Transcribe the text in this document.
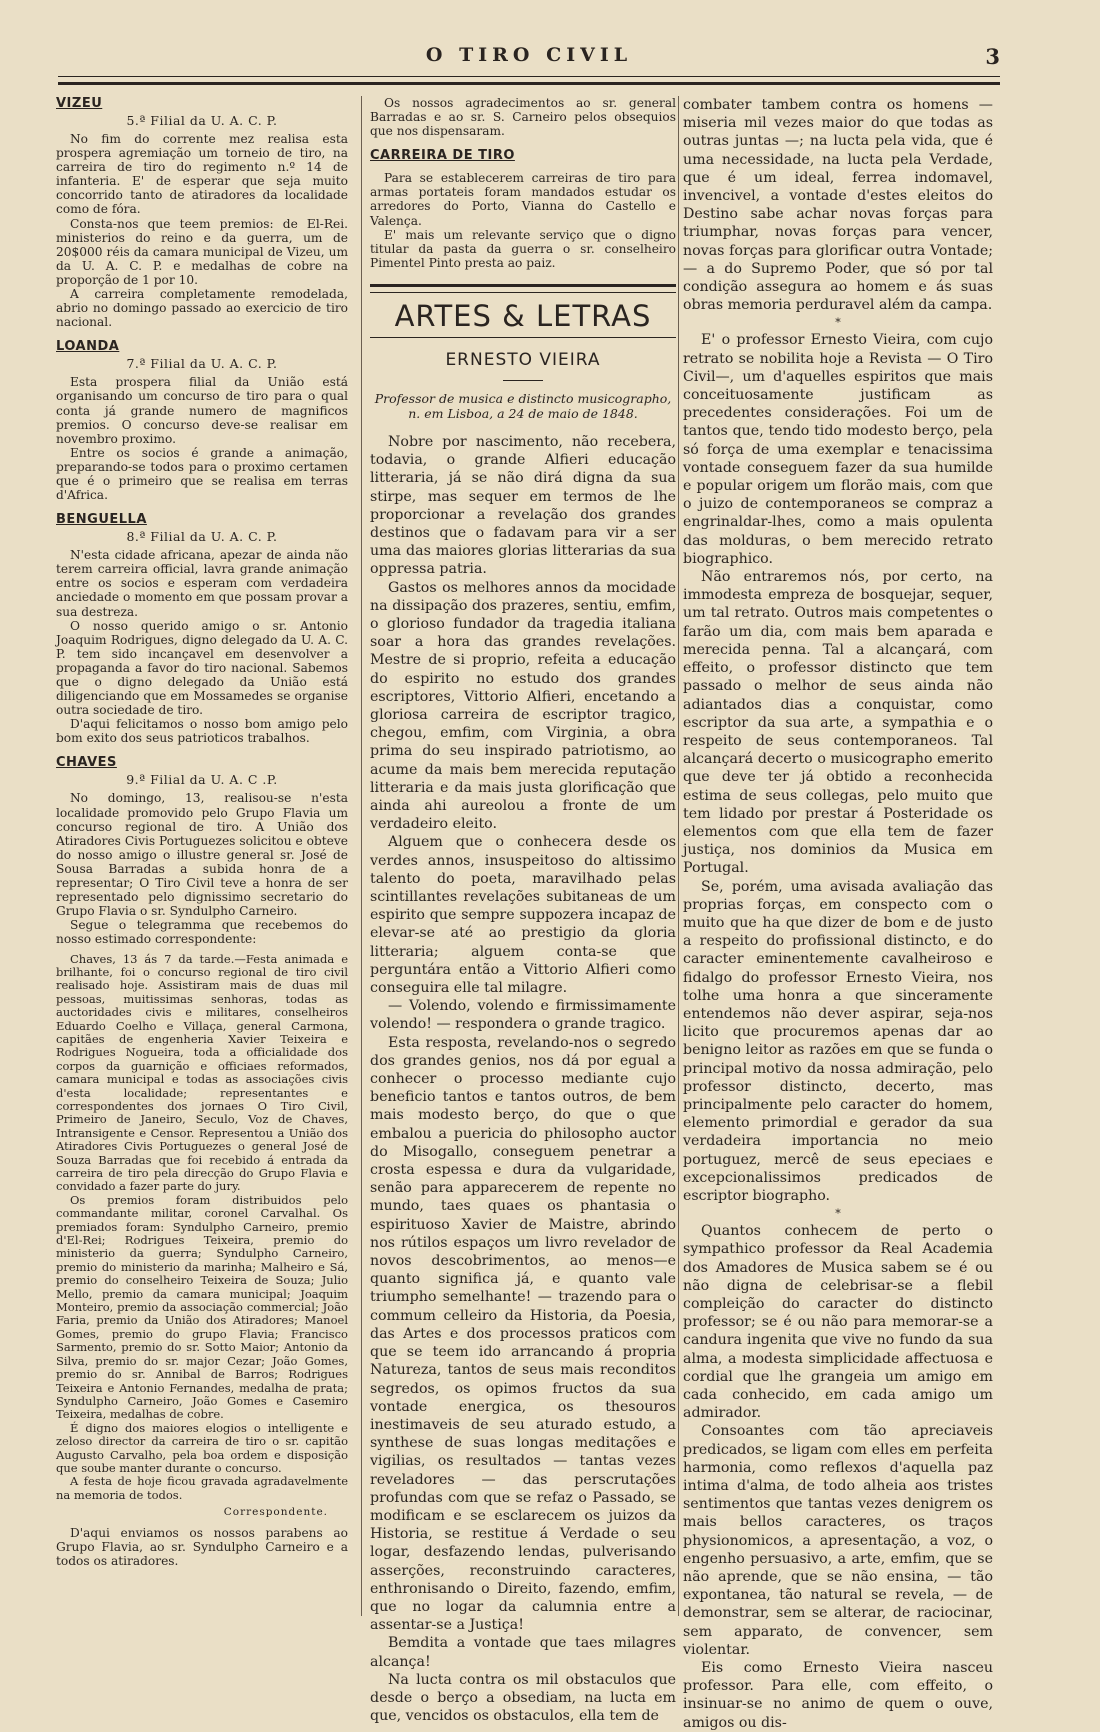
O TIRO CIVIL	3
VIZEU
5.ª Filial da U. A. C. P.

No fim do corrente mez realisa esta prospera agremiação um torneio de tiro, na carreira de tiro do regimento n.º 14 de infanteria. E' de esperar que seja muito concorrido tanto de atiradores da localidade como de fóra.

Consta-nos que teem premios: de El-Rei. ministerios do reino e da guerra, um de 20$000 réis da camara municipal de Vizeu, um da U. A. C. P. e medalhas de cobre na proporção de 1 por 10.

A carreira completamente remodelada, abrio no domingo passado ao exercicio de tiro nacional.

LOANDA
7.ª Filial da U. A. C. P.

Esta prospera filial da União está organisando um concurso de tiro para o qual conta já grande numero de magnificos premios. O concurso deve-se realisar em novembro proximo.

Entre os socios é grande a animação, preparando-se todos para o proximo certamen que é o primeiro que se realisa em terras d'Africa.

BENGUELLA
8.ª Filial da U. A. C. P.

N'esta cidade africana, apezar de ainda não terem carreira official, lavra grande animação entre os socios e esperam com verdadeira anciedade o momento em que possam provar a sua destreza.

O nosso querido amigo o sr. Antonio Joaquim Rodrigues, digno delegado da U. A. C. P. tem sido incançavel em desenvolver a propaganda a favor do tiro nacional. Sabemos que o digno delegado da União está diligenciando que em Mossamedes se organise outra sociedade de tiro.

D'aqui felicitamos o nosso bom amigo pelo bom exito dos seus patrioticos trabalhos.

CHAVES
9.ª Filial da U. A. C .P.

No domingo, 13, realisou-se n'esta localidade promovido pelo Grupo Flavia um concurso regional de tiro. A União dos Atiradores Civis Portuguezes solicitou e obteve do nosso amigo o illustre general sr. José de Sousa Barradas a subida honra de a representar; O Tiro Civil teve a honra de ser representado pelo dignissimo secretario do Grupo Flavia o sr. Syndulpho Carneiro.

Segue o telegramma que recebemos do nosso estimado correspondente:

Chaves, 13 ás 7 da tarde.—Festa animada e brilhante, foi o concurso regional de tiro civil realisado hoje. Assistiram mais de duas mil pessoas, muitissimas senhoras, todas as auctoridades civis e militares, conselheiros Eduardo Coelho e Villaça, general Carmona, capitães de engenheria Xavier Teixeira e Rodrigues Nogueira, toda a officialidade dos corpos da guarnição e officiaes reformados, camara municipal e todas as associações civis d'esta localidade; representantes e correspondentes dos jornaes O Tiro Civil, Primeiro de Janeiro, Seculo, Voz de Chaves, Intransigente e Censor. Representou a União dos Atiradores Civis Portuguezes o general José de Souza Barradas que foi recebido á entrada da carreira de tiro pela direcção do Grupo Flavia e convidado a fazer parte do jury.

Os premios foram distribuidos pelo commandante militar, coronel Carvalhal. Os premiados foram: Syndulpho Carneiro, premio d'El-Rei; Rodrigues Teixeira, premio do ministerio da guerra; Syndulpho Carneiro, premio do ministerio da marinha; Malheiro e Sá, premio do conselheiro Teixeira de Souza; Julio Mello, premio da camara municipal; Joaquim Monteiro, premio da associação commercial; João Faria, premio da União dos Atiradores; Manoel Gomes, premio do grupo Flavia; Francisco Sarmento, premio do sr. Sotto Maior; Antonio da Silva, premio do sr. major Cezar; João Gomes, premio do sr. Annibal de Barros; Rodrigues Teixeira e Antonio Fernandes, medalha de prata; Syndulpho Carneiro, João Gomes e Casemiro Teixeira, medalhas de cobre.

É digno dos maiores elogios o intelligente e zeloso director da carreira de tiro o sr. capitão Augusto Carvalho, pela boa ordem e disposição que soube manter durante o concurso.

A festa de hoje ficou gravada agradavelmente na memoria de todos.

Correspondente.

D'aqui enviamos os nossos parabens ao Grupo Flavia, ao sr. Syndulpho Carneiro e a todos os atiradores.

Os nossos agradecimentos ao sr. general Barradas e ao sr. S. Carneiro pelos obsequios que nos dispensaram.

CARREIRA DE TIRO

Para se establecerem carreiras de tiro para armas portateis foram mandados estudar os arredores do Porto, Vianna do Castello e Valença.

E' mais um relevante serviço que o digno titular da pasta da guerra o sr. conselheiro Pimentel Pinto presta ao paiz.

ARTES & LETRAS
ERNESTO VIEIRA
Professor de musica e distincto musicographo, n. em Lisboa, a 24 de maio de 1848.

Nobre por nascimento, não recebera, todavia, o grande Alfieri educação litteraria, já se não dirá digna da sua stirpe, mas sequer em termos de lhe proporcionar a revelação dos grandes destinos que o fadavam para vir a ser uma das maiores glorias litterarias da sua oppressa patria.

Gastos os melhores annos da mocidade na dissipação dos prazeres, sentiu, emfim, o glorioso fundador da tragedia italiana soar a hora das grandes revelações. Mestre de si proprio, refeita a educação do espirito no estudo dos grandes escriptores, Vittorio Alfieri, encetando a gloriosa carreira de escriptor tragico, chegou, emfim, com Virginia, a obra prima do seu inspirado patriotismo, ao acume da mais bem merecida reputação litteraria e da mais justa glorificação que ainda ahi aureolou a fronte de um verdadeiro eleito.

Alguem que o conhecera desde os verdes annos, insuspeitoso do altissimo talento do poeta, maravilhado pelas scintillantes revelações subitaneas de um espirito que sempre suppozera incapaz de elevar-se até ao prestigio da gloria litteraria; alguem conta-se que perguntára então a Vittorio Alfieri como conseguira elle tal milagre.

— Volendo, volendo e firmissimamente volendo! — respondera o grande tragico.

Esta resposta, revelando-nos o segredo dos grandes genios, nos dá por egual a conhecer o processo mediante cujo beneficio tantos e tantos outros, de bem mais modesto berço, do que o que embalou a puericia do philosopho auctor do Misogallo, conseguem penetrar a crosta espessa e dura da vulgaridade, senão para apparecerem de repente no mundo, taes quaes os phantasia o espirituoso Xavier de Maistre, abrindo nos rútilos espaços um livro revelador de novos descobrimentos, ao menos—e quanto significa já, e quanto vale triumpho semelhante! — trazendo para o commum celleiro da Historia, da Poesia, das Artes e dos processos praticos com que se teem ido arrancando á propria Natureza, tantos de seus mais reconditos segredos, os opimos fructos da sua vontade energica, os thesouros inestimaveis de seu aturado estudo, a synthese de suas longas meditações e vigilias, os resultados — tantas vezes reveladores — das perscrutações profundas com que se refaz o Passado, se modificam e se esclarecem os juizos da Historia, se restitue á Verdade o seu logar, desfazendo lendas, pulverisando asserções, reconstruindo caracteres, enthronisando o Direito, fazendo, emfim, que no logar da calumnia entre a assentar-se a Justiça!

Bemdita a vontade que taes milagres alcança!

Na lucta contra os mil obstaculos que desde o berço a obsediam, na lucta em que, vencidos os obstaculos, ella tem de

combater tambem contra os homens — miseria mil vezes maior do que todas as outras juntas —; na lucta pela vida, que é uma necessidade, na lucta pela Verdade, que é um ideal, ferrea indomavel, invencivel, a vontade d'estes eleitos do Destino sabe achar novas forças para triumphar, novas forças para vencer, novas forças para glorificar outra Vontade; — a do Supremo Poder, que só por tal condição assegura ao homem e ás suas obras memoria perduravel além da campa.

*

E' o professor Ernesto Vieira, com cujo retrato se nobilita hoje a Revista — O Tiro Civil—, um d'aquelles espiritos que mais conceituosamente justificam as precedentes considerações. Foi um de tantos que, tendo tido modesto berço, pela só força de uma exemplar e tenacissima vontade conseguem fazer da sua humilde e popular origem um florão mais, com que o juizo de contemporaneos se compraz a engrinaldar-lhes, como a mais opulenta das molduras, o bem merecido retrato biographico.

Não entraremos nós, por certo, na immodesta empreza de bosquejar, sequer, um tal retrato. Outros mais competentes o farão um dia, com mais bem aparada e merecida penna. Tal a alcançará, com effeito, o professor distincto que tem passado o melhor de seus ainda não adiantados dias a conquistar, como escriptor da sua arte, a sympathia e o respeito de seus contemporaneos. Tal alcançará decerto o musicographo emerito que deve ter já obtido a reconhecida estima de seus collegas, pelo muito que tem lidado por prestar á Posteridade os elementos com que ella tem de fazer justiça, nos dominios da Musica em Portugal.

Se, porém, uma avisada avaliação das proprias forças, em conspecto com o muito que ha que dizer de bom e de justo a respeito do profissional distincto, e do caracter eminentemente cavalheiroso e fidalgo do professor Ernesto Vieira, nos tolhe uma honra a que sinceramente entendemos não dever aspirar, seja-nos licito que procuremos apenas dar ao benigno leitor as razões em que se funda o principal motivo da nossa admiração, pelo professor distincto, decerto, mas principalmente pelo caracter do homem, elemento primordial e gerador da sua verdadeira importancia no meio portuguez, mercê de seus epeciaes e excepcionalissimos predicados de escriptor biographo.

*

Quantos conhecem de perto o sympathico professor da Real Academia dos Amadores de Musica sabem se é ou não digna de celebrisar-se a flebil compleição do caracter do distincto professor; se é ou não para memorar-se a candura ingenita que vive no fundo da sua alma, a modesta simplicidade affectuosa e cordial que lhe grangeia um amigo em cada conhecido, em cada amigo um admirador.

Consoantes com tão apreciaveis predicados, se ligam com elles em perfeita harmonia, como reflexos d'aquella paz intima d'alma, de todo alheia aos tristes sentimentos que tantas vezes denigrem os mais bellos caracteres, os traços physionomicos, a apresentação, a voz, o engenho persuasivo, a arte, emfim, que se não aprende, que se não ensina, — tão expontanea, tão natural se revela, — de demonstrar, sem se alterar, de raciocinar, sem apparato, de convencer, sem violentar.

Eis como Ernesto Vieira nasceu professor. Para elle, com effeito, o insinuar-se no animo de quem o ouve, amigos ou dis-
